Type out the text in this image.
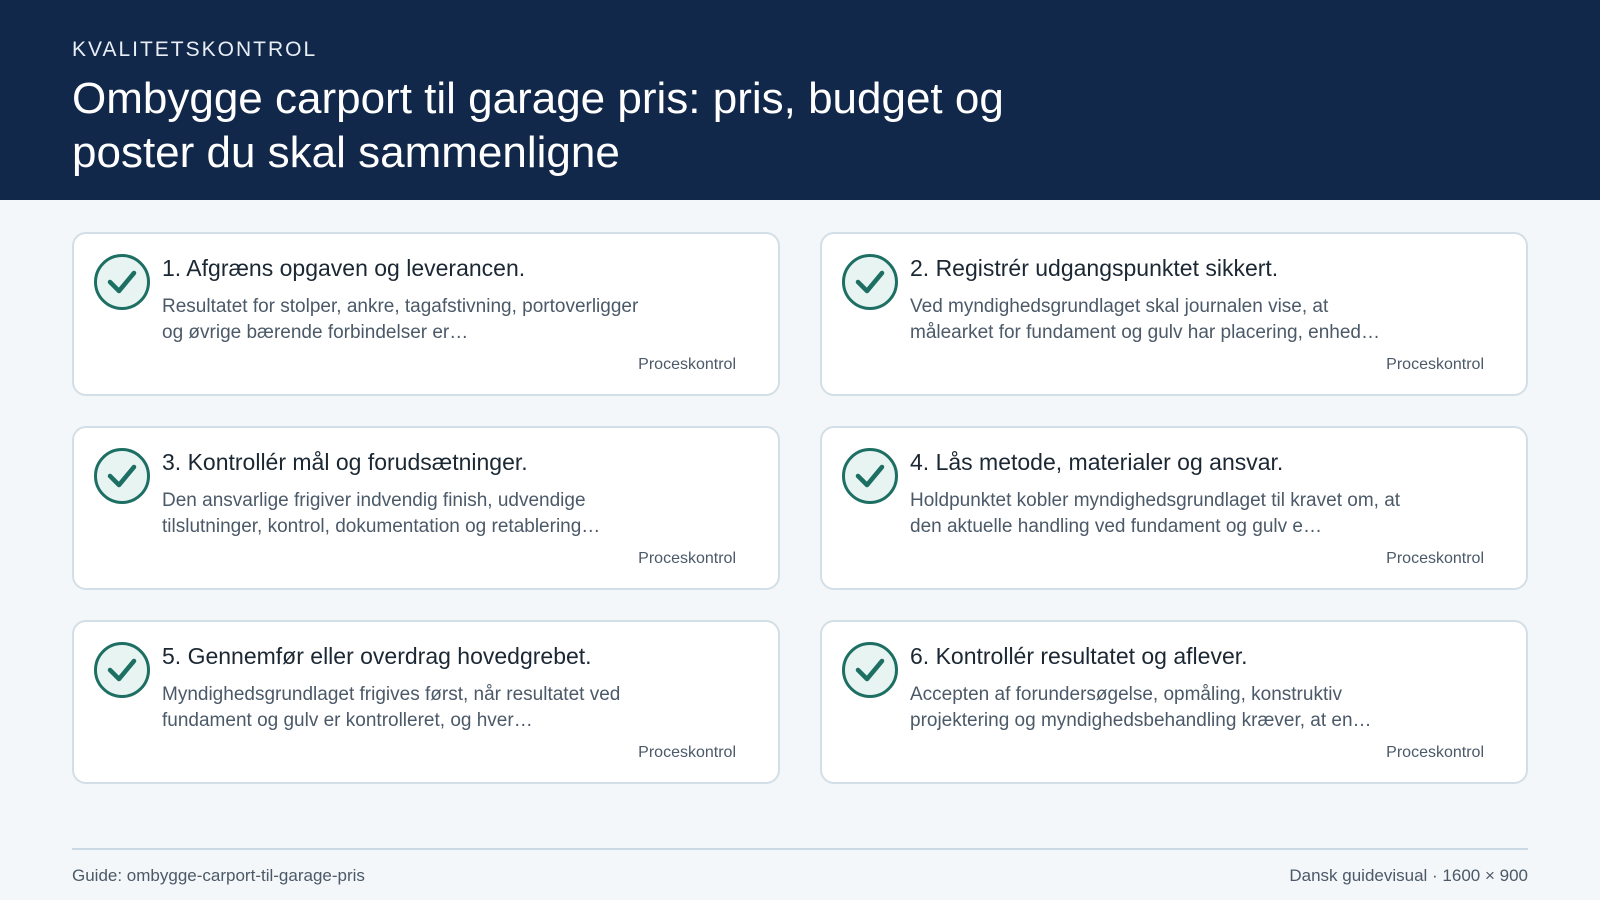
KVALITETSKONTROL
Ombygge carport til garage pris: pris, budget og poster du skal sammenligne
1. Afgræns opgaven og leverancen.
Resultatet for stolper, ankre, tagafstivning, portoverligger og øvrige bærende forbindelser er…
Proceskontrol
2. Registrér udgangspunktet sikkert.
Ved myndighedsgrundlaget skal journalen vise, at målearket for fundament og gulv har placering, enhed…
Proceskontrol
3. Kontrollér mål og forudsætninger.
Den ansvarlige frigiver indvendig finish, udvendige tilslutninger, kontrol, dokumentation og retablering…
Proceskontrol
4. Lås metode, materialer og ansvar.
Holdpunktet kobler myndighedsgrundlaget til kravet om, at den aktuelle handling ved fundament og gulv e…
Proceskontrol
5. Gennemfør eller overdrag hovedgrebet.
Myndighedsgrundlaget frigives først, når resultatet ved fundament og gulv er kontrolleret, og hver…
Proceskontrol
6. Kontrollér resultatet og aflever.
Accepten af forundersøgelse, opmåling, konstruktiv projektering og myndighedsbehandling kræver, at en…
Proceskontrol
Guide: ombygge-carport-til-garage-pris	Dansk guidevisual · 1600 × 900
